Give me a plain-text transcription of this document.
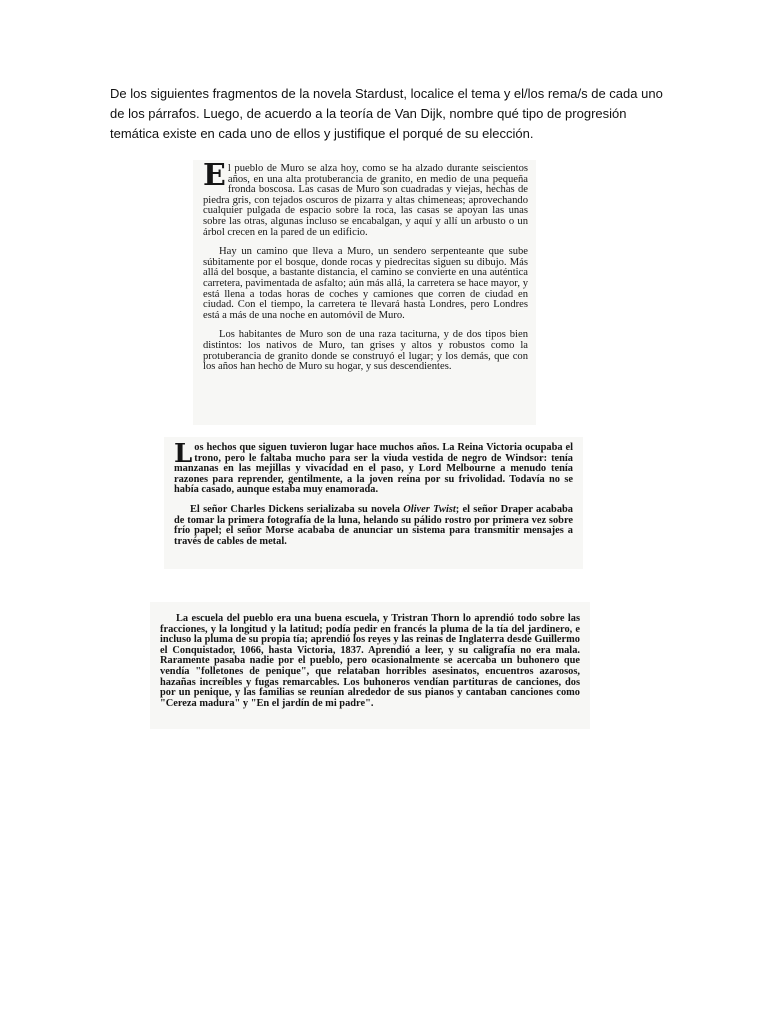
De los siguientes fragmentos de la novela Stardust, localice el tema y el/los rema/s de cada uno de los párrafos. Luego, de acuerdo a la teoría de Van Dijk, nombre qué tipo de progresión temática existe en cada uno de ellos y justifique el porqué de su elección.

El pueblo de Muro se alza hoy, como se ha alzado durante seiscientos años, en una alta protuberancia de granito, en medio de una pequeña fronda boscosa. Las casas de Muro son cuadradas y viejas, hechas de piedra gris, con tejados oscuros de pizarra y altas chimeneas; aprovechando cualquier pulgada de espacio sobre la roca, las casas se apoyan las unas sobre las otras, algunas incluso se encabalgan, y aquí y allí un arbusto o un árbol crecen en la pared de un edificio.

Hay un camino que lleva a Muro, un sendero serpenteante que sube súbitamente por el bosque, donde rocas y piedrecitas siguen su dibujo. Más allá del bosque, a bastante distancia, el camino se convierte en una auténtica carretera, pavimentada de asfalto; aún más allá, la carretera se hace mayor, y está llena a todas horas de coches y camiones que corren de ciudad en ciudad. Con el tiempo, la carretera te llevará hasta Londres, pero Londres está a más de una noche en automóvil de Muro.

Los habitantes de Muro son de una raza taciturna, y de dos tipos bien distintos: los nativos de Muro, tan grises y altos y robustos como la protuberancia de granito donde se construyó el lugar; y los demás, que con los años han hecho de Muro su hogar, y sus descendientes.

Los hechos que siguen tuvieron lugar hace muchos años. La Reina Victoria ocupaba el trono, pero le faltaba mucho para ser la viuda vestida de negro de Windsor: tenía manzanas en las mejillas y vivacidad en el paso, y Lord Melbourne a menudo tenía razones para reprender, gentilmente, a la joven reina por su frivolidad. Todavía no se había casado, aunque estaba muy enamorada.

El señor Charles Dickens serializaba su novela Oliver Twist; el señor Draper acababa de tomar la primera fotografía de la luna, helando su pálido rostro por primera vez sobre frío papel; el señor Morse acababa de anunciar un sistema para transmitir mensajes a través de cables de metal.

La escuela del pueblo era una buena escuela, y Tristran Thorn lo aprendió todo sobre las fracciones, y la longitud y la latitud; podía pedir en francés la pluma de la tía del jardinero, e incluso la pluma de su propia tía; aprendió los reyes y las reinas de Inglaterra desde Guillermo el Conquistador, 1066, hasta Victoria, 1837. Aprendió a leer, y su caligrafía no era mala. Raramente pasaba nadie por el pueblo, pero ocasionalmente se acercaba un buhonero que vendía "folletones de penique", que relataban horribles asesinatos, encuentros azarosos, hazañas increíbles y fugas remarcables. Los buhoneros vendían partituras de canciones, dos por un penique, y las familias se reunían alrededor de sus pianos y cantaban canciones como "Cereza madura" y "En el jardín de mi padre".
